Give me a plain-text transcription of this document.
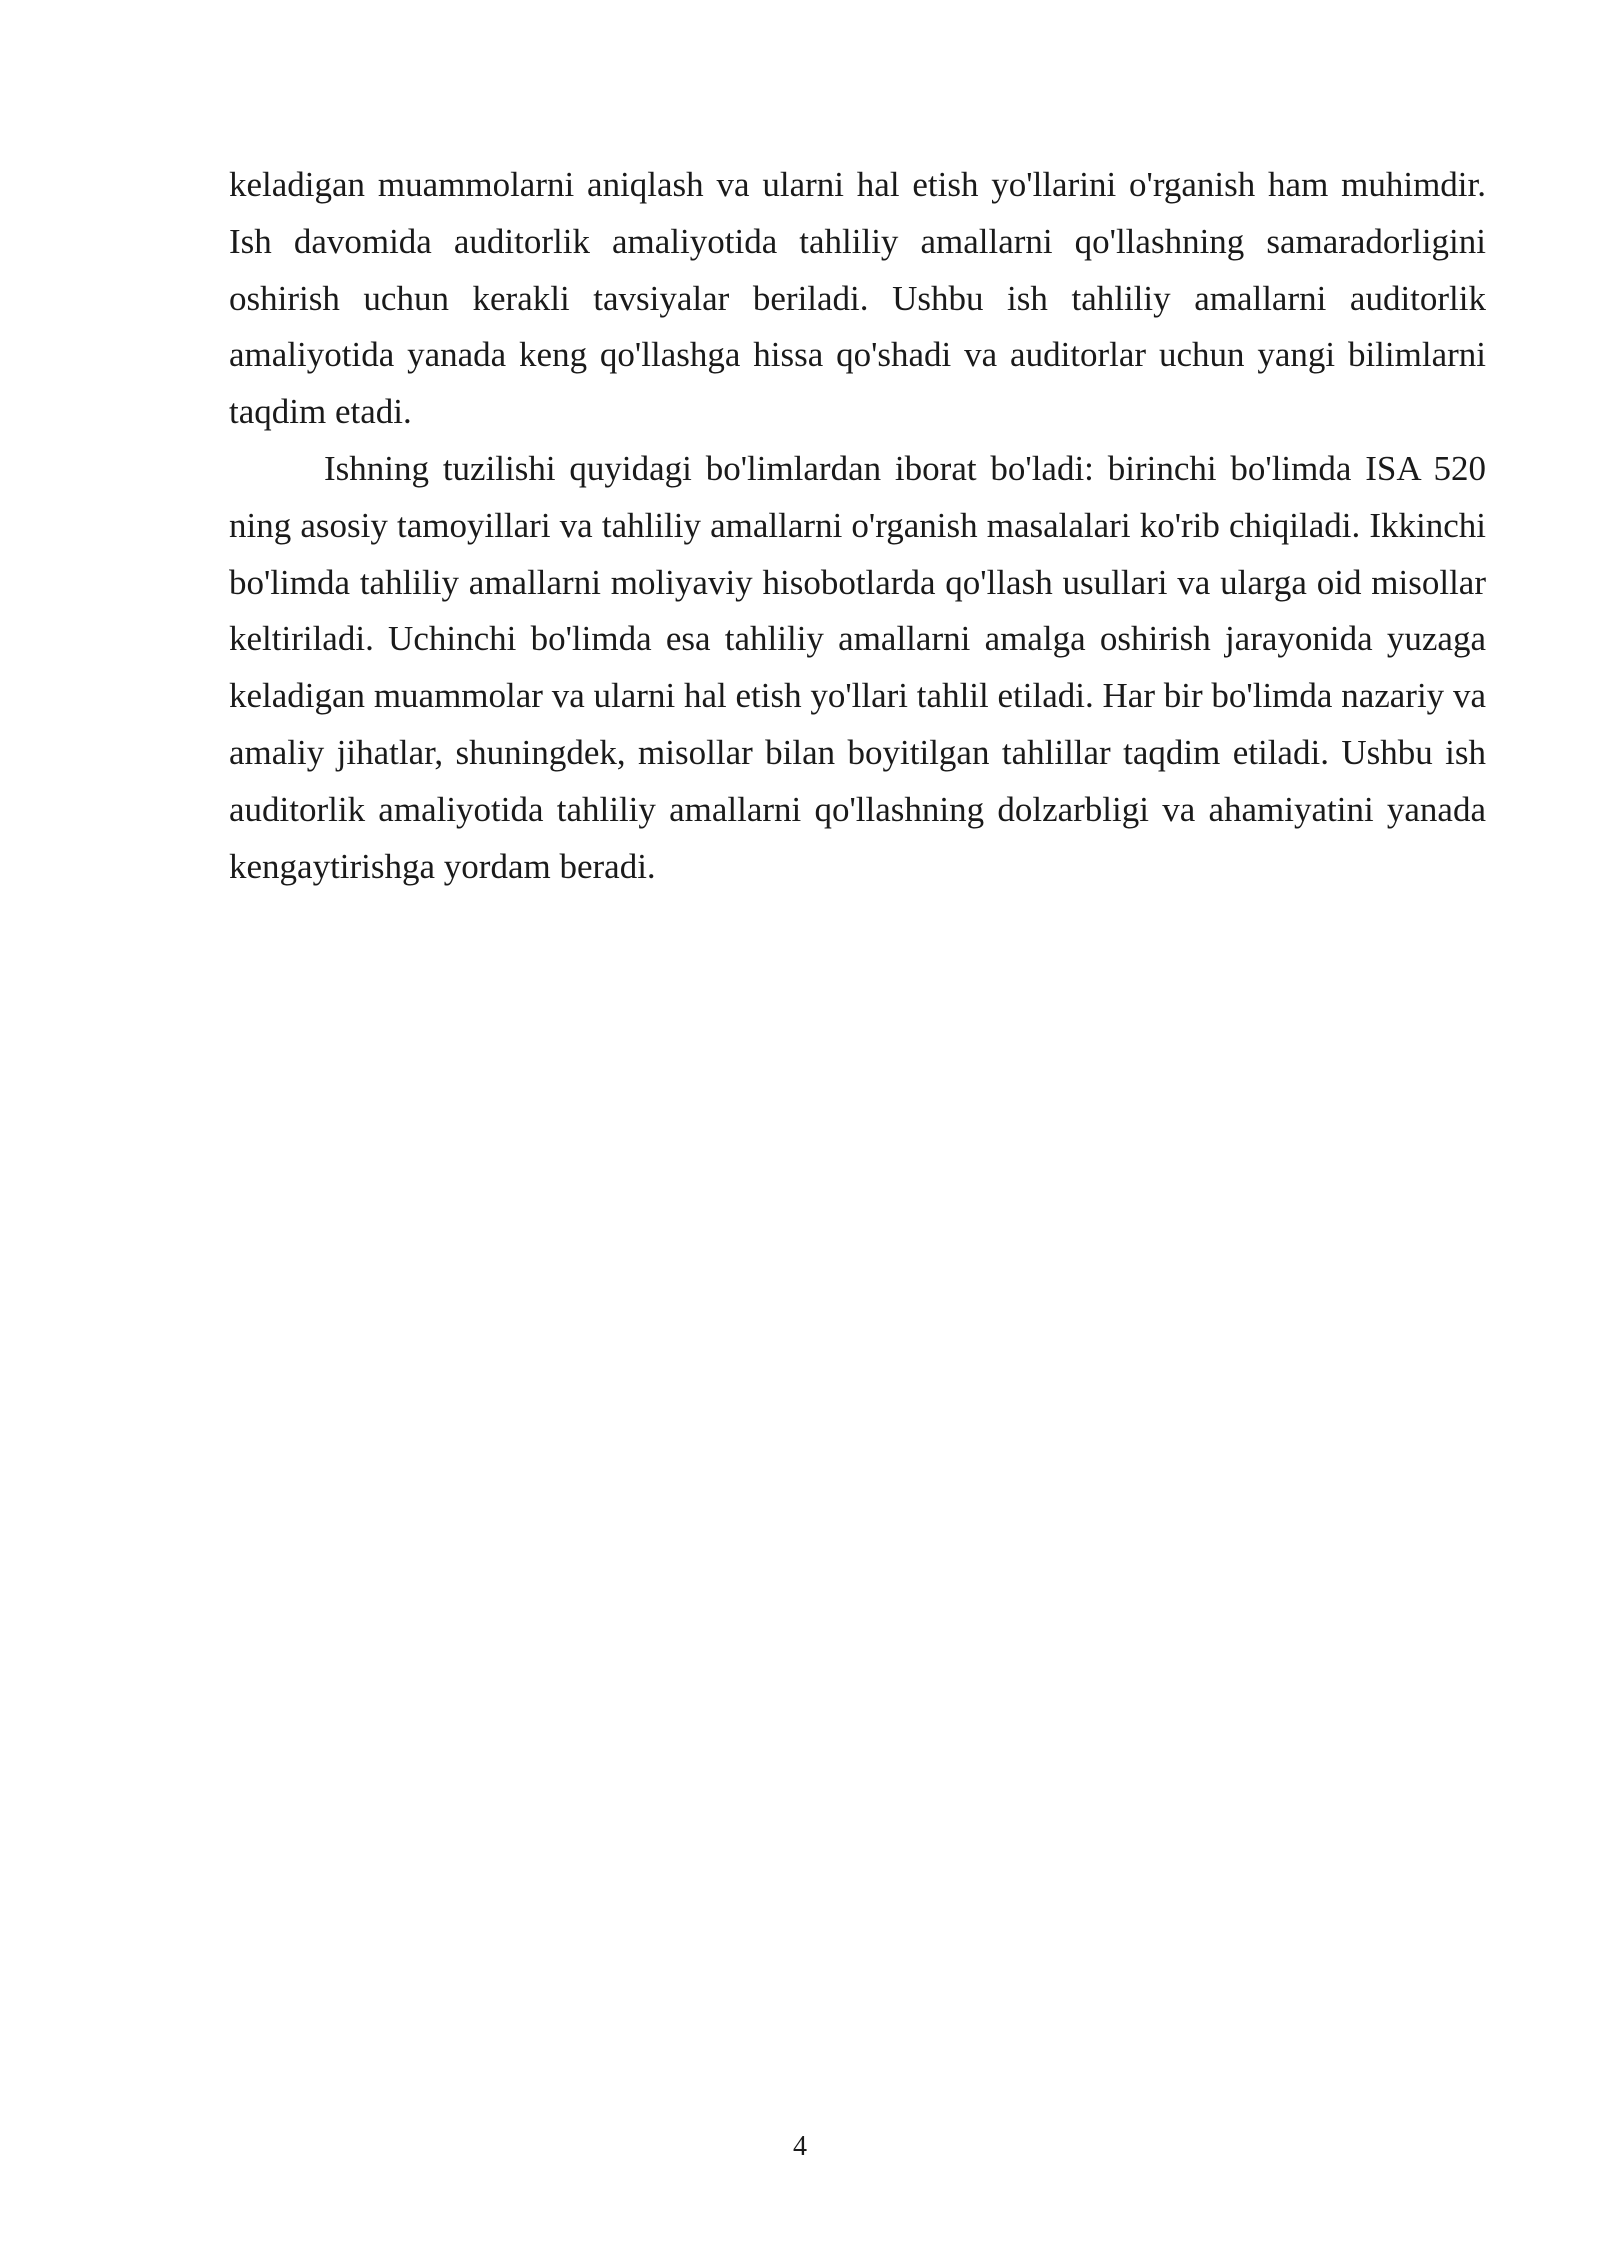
keladigan muammolarni aniqlash va ularni hal etish yo'llarini o'rganish ham muhimdir. Ish davomida auditorlik amaliyotida tahliliy amallarni qo'llashning samaradorligini oshirish uchun kerakli tavsiyalar beriladi. Ushbu ish tahliliy amallarni auditorlik amaliyotida yanada keng qo'llashga hissa qo'shadi va auditorlar uchun yangi bilimlarni taqdim etadi.

Ishning tuzilishi quyidagi bo'limlardan iborat bo'ladi: birinchi bo'limda ISA 520 ning asosiy tamoyillari va tahliliy amallarni o'rganish masalalari ko'rib chiqiladi. Ikkinchi bo'limda tahliliy amallarni moliyaviy hisobotlarda qo'llash usullari va ularga oid misollar keltiriladi. Uchinchi bo'limda esa tahliliy amallarni amalga oshirish jarayonida yuzaga keladigan muammolar va ularni hal etish yo'llari tahlil etiladi. Har bir bo'limda nazariy va amaliy jihatlar, shuningdek, misollar bilan boyitilgan tahlillar taqdim etiladi. Ushbu ish auditorlik amaliyotida tahliliy amallarni qo'llashning dolzarbligi va ahamiyatini yanada kengaytirishga yordam beradi.

4
